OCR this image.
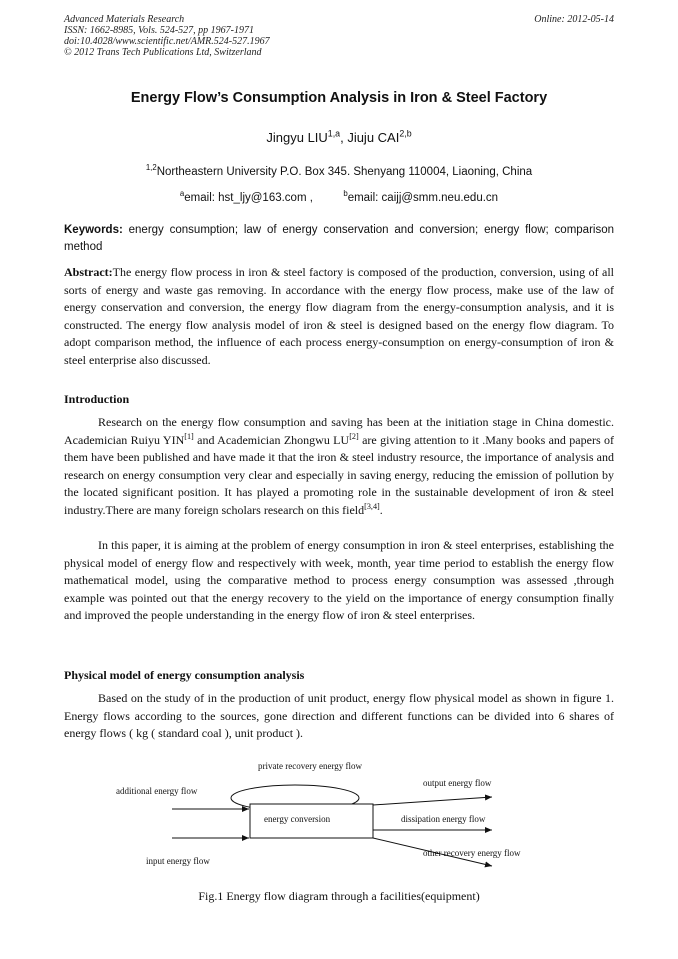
Advanced Materials Research
ISSN: 1662-8985, Vols. 524-527, pp 1967-1971
doi:10.4028/www.scientific.net/AMR.524-527.1967
© 2012 Trans Tech Publications Ltd, Switzerland
Online: 2012-05-14
Energy Flow’s Consumption Analysis in Iron & Steel Factory
Jingyu LIU$^{1,a}$, Jiuju CAI$^{2,b}$
$^{1,2}$Northeastern University P.O. Box 345. Shenyang 110004, Liaoning, China
$^a$email: hst_ljy@163.com ,	$^b$email: caijj@smm.neu.edu.cn
Keywords: energy consumption; law of energy conservation and conversion; energy flow; comparison method
Abstract:The energy flow process in iron & steel factory is composed of the production, conversion, using of all sorts of energy and waste gas removing. In accordance with the energy flow process, make use of the law of energy conservation and conversion, the energy flow diagram from the energy-consumption analysis, and it is constructed. The energy flow analysis model of iron & steel is designed based on the energy flow diagram. To adopt comparison method, the influence of each process energy-consumption on energy-consumption of iron & steel enterprise also discussed.
Introduction

Research on the energy flow consumption and saving has been at the initiation stage in China domestic. Academician Ruiyu YIN[1] and Academician Zhongwu LU[2] are giving attention to it .Many books and papers of them have been published and have made it that the iron & steel industry resource, the importance of analysis and research on energy consumption very clear and especially in saving energy, reducing the emission of pollution by the located significant position. It has played a promoting role in the sustainable development of iron & steel industry.There are many foreign scholars research on this field[3,4].

In this paper, it is aiming at the problem of energy consumption in iron & steel enterprises, establishing the physical model of energy flow and respectively with week, month, year time period to establish the energy flow mathematical model, using the comparative method to process energy consumption was assessed ,through example was pointed out that the energy recovery to the yield on the importance of energy consumption finally and improved the people understanding in the energy flow of iron & steel enterprises.

Physical model of energy consumption analysis

Based on the study of in the production of unit product, energy flow physical model as shown in figure 1. Energy flows according to the sources, gone direction and different functions can be divided into 6 shares of energy flows ( kg ( standard coal ), unit product ).

private recovery energy flow
output energy flow
additional energy flow
energy conversion	dissipation energy flow
other recovery energy flow
input energy flow
Fig.1 Energy flow diagram through a facilities(equipment)
